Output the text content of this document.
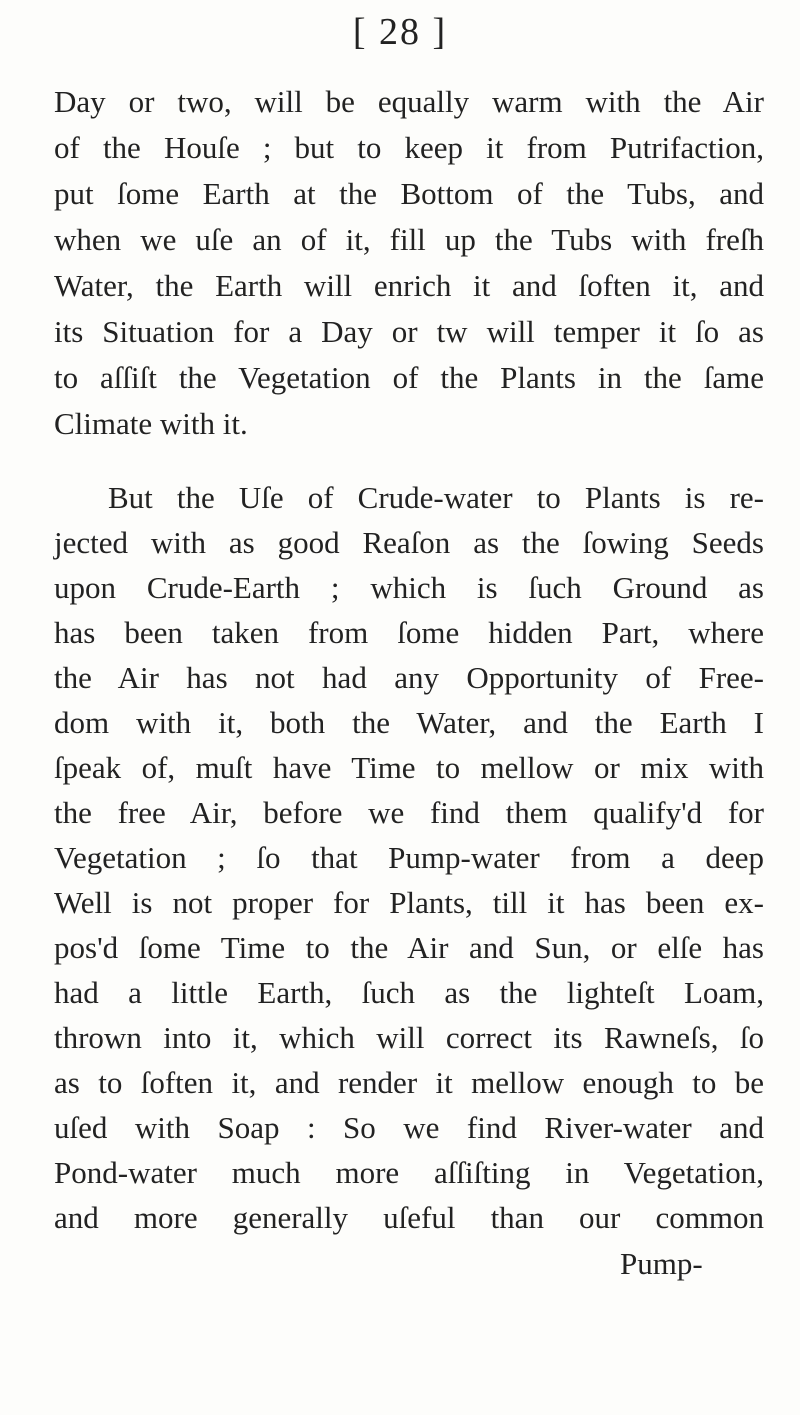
[ 28 ]
Day or two, will be equally warm with the Air
of the Houſe ; but to keep it from Putrifaction,
put ſome Earth at the Bottom of the Tubs, and
when we uſe an of it, fill up the Tubs with freſh
Water, the Earth will enrich it and ſoften it, and
its Situation for a Day or tw will temper it ſo as
to aſſiſt the Vegetation of the Plants in the ſame
Climate with it.
But the Uſe of Crude-water to Plants is re-
jected with as good Reaſon as the ſowing Seeds
upon Crude-Earth ; which is ſuch Ground as
has been taken from ſome hidden Part, where
the Air has not had any Opportunity of Free-
dom with it, both the Water, and the Earth I
ſpeak of, muſt have Time to mellow or mix with
the free Air, before we find them qualify'd for
Vegetation ; ſo that Pump-water from a deep
Well is not proper for Plants, till it has been ex-
pos'd ſome Time to the Air and Sun, or elſe has
had a little Earth, ſuch as the lighteſt Loam,
thrown into it, which will correct its Rawneſs, ſo
as to ſoften it, and render it mellow enough to be
uſed with Soap : So we find River-water and
Pond-water much more aſſiſting in Vegetation,
and more generally uſeful than our common
Pump-
